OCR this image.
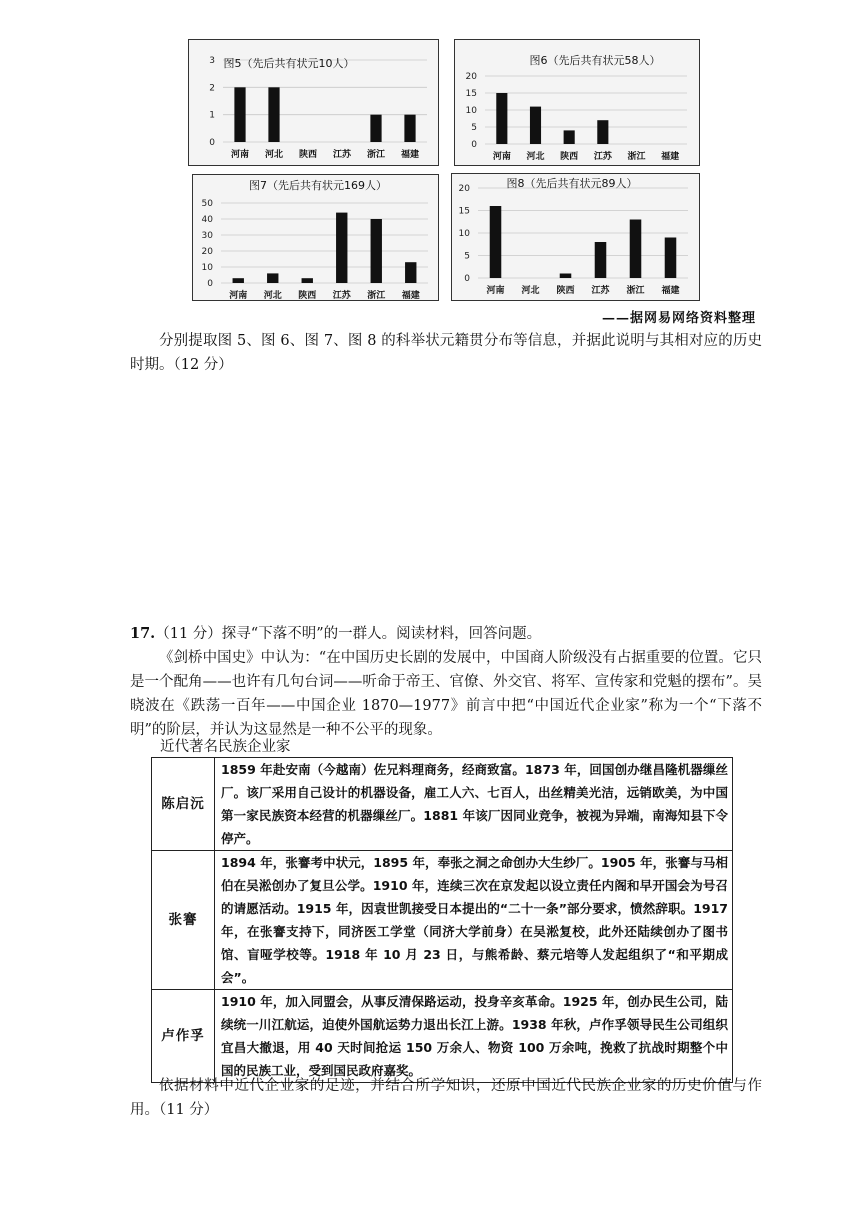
0
1
2
3
河南 河北 陕西 江苏 浙江 福建
图5（先后共有状元10人）
0
5
10
15
20
河南 河北 陕西 江苏 浙江 福建
图6（先后共有状元58人）
0
10
20
30
40
50
河南 河北 陕西 江苏 浙江 福建
图7（先后共有状元169人）
0
5
10
15
20
河南 河北 陕西 江苏 浙江 福建
图8（先后共有状元89人）
——据网易网络资料整理
分别提取图 5、图 6、图 7、图 8 的科举状元籍贯分布等信息，并据此说明与其相对应的历史时期。（12 分）
17.（11 分）探寻“下落不明”的一群人。阅读材料，回答问题。
《剑桥中国史》中认为：“在中国历史长剧的发展中，中国商人阶级没有占据重要的位置。它只是一个配角——也许有几句台词——听命于帝王、官僚、外交官、将军、宣传家和党魁的摆布”。吴晓波在《跌荡一百年——中国企业 1870—1977》前言中把“中国近代企业家”称为一个“下落不明”的阶层，并认为这显然是一种不公平的现象。
近代著名民族企业家
陈启沅	1859 年赴安南（今越南）佐兄料理商务，经商致富。1873 年，回国创办继昌隆机器缫丝厂。该厂采用自己设计的机器设备，雇工人六、七百人，出丝精美光洁，远销欧美，为中国第一家民族资本经营的机器缫丝厂。1881 年该厂因同业竞争，被视为异端，南海知县下令停产。
张謇	1894 年，张謇考中状元，1895 年，奉张之洞之命创办大生纱厂。1905 年，张謇与马相伯在吴淞创办了复旦公学。1910 年，连续三次在京发起以设立责任内阁和早开国会为号召的请愿活动。1915 年，因袁世凯接受日本提出的“二十一条”部分要求，愤然辞职。1917 年，在张謇支持下，同济医工学堂（同济大学前身）在吴淞复校，此外还陆续创办了图书馆、盲哑学校等。1918 年 10 月 23 日，与熊希龄、蔡元培等人发起组织了“和平期成会”。
卢作孚	1910 年，加入同盟会，从事反清保路运动，投身辛亥革命。1925 年，创办民生公司，陆续统一川江航运，迫使外国航运势力退出长江上游。1938 年秋，卢作孚领导民生公司组织宜昌大撤退，用 40 天时间抢运 150 万余人、物资 100 万余吨，挽救了抗战时期整个中国的民族工业，受到国民政府嘉奖。
依据材料中近代企业家的足迹，并结合所学知识，还原中国近代民族企业家的历史价值与作用。（11 分）
